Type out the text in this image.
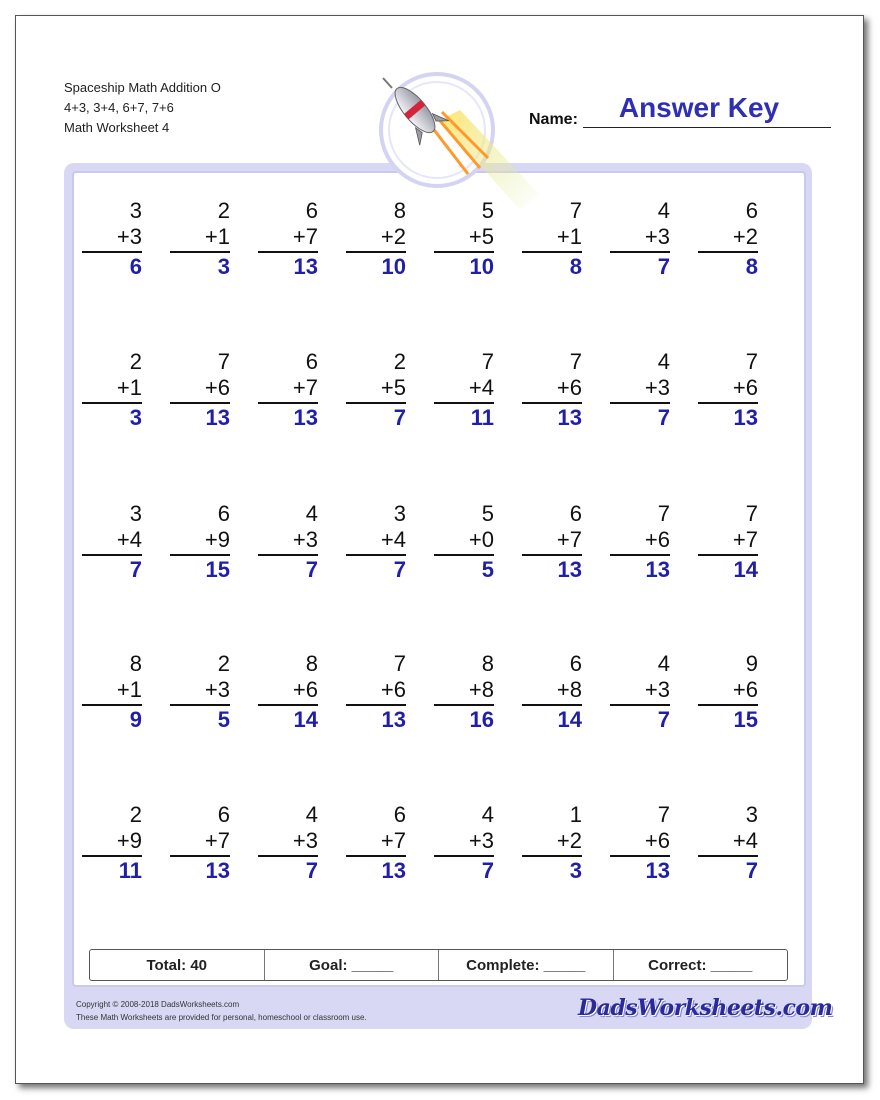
Spaceship Math Addition O
4+3, 3+4, 6+7, 7+6
Math Worksheet 4	Name:	Answer Key
3
+3
6
2
+1
3
6
+7
13
8
+2
10
5
+5
10
7
+1
8
4
+3
7
6
+2
8
2
+1
3
7
+6
13
6
+7
13
2
+5
7
7
+4
11
7
+6
13
4
+3
7
7
+6
13
3
+4
7
6
+9
15
4
+3
7
3
+4
7
5
+0
5
6
+7
13
7
+6
13
7
+7
14
8
+1
9
2
+3
5
8
+6
14
7
+6
13
8
+8
16
6
+8
14
4
+3
7
9
+6
15
2
+9
11
6
+7
13
4
+3
7
6
+7
13
4
+3
7
1
+2
3
7
+6
13
3
+4
7
Total: 40	Goal: _____	Complete: _____	Correct: _____
Copyright © 2008-2018 DadsWorksheets.com
These Math Worksheets are provided for personal, homeschool or classroom use.	DadsWorksheets.com
